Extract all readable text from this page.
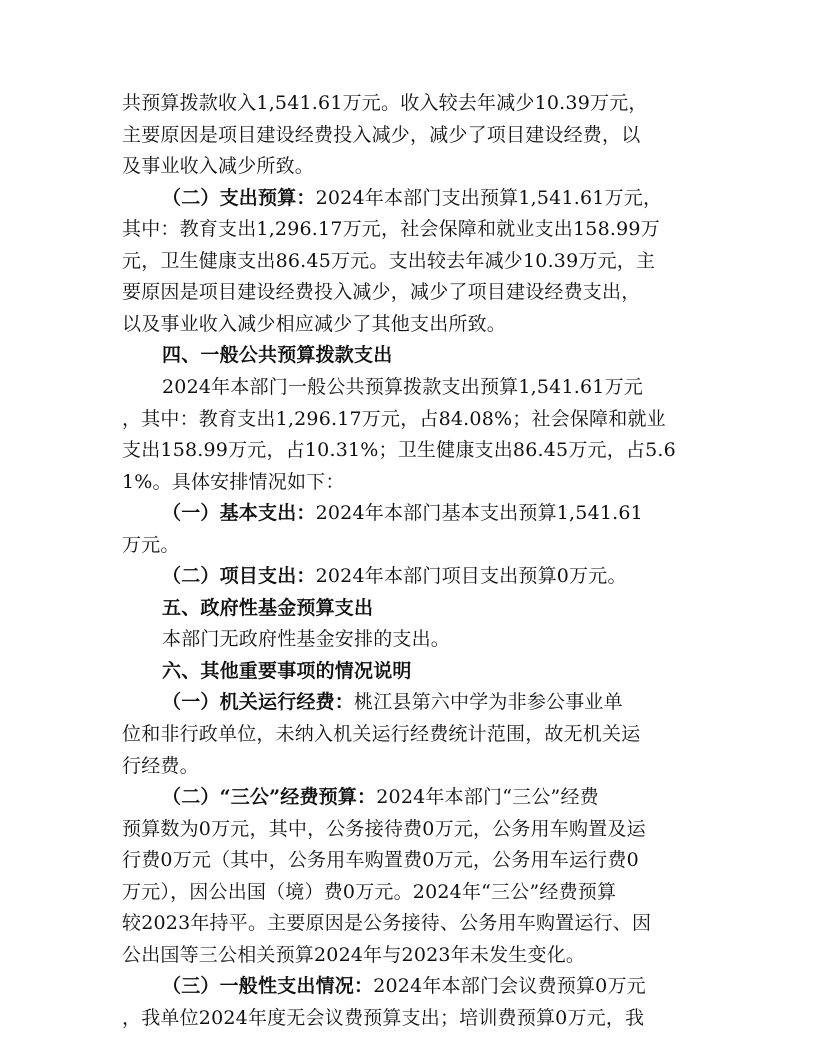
共预算拨款收入1,541.61万元。收入较去年减少10.39万元，
主要原因是项目建设经费投入减少，减少了项目建设经费，以
及事业收入减少所致。
（二）支出预算：2024年本部门支出预算1,541.61万元，
其中：教育支出1,296.17万元，社会保障和就业支出158.99万
元，卫生健康支出86.45万元。支出较去年减少10.39万元，主
要原因是项目建设经费投入减少，减少了项目建设经费支出，
以及事业收入减少相应减少了其他支出所致。
四、一般公共预算拨款支出
2024年本部门一般公共预算拨款支出预算1,541.61万元
，其中：教育支出1,296.17万元，占84.08%；社会保障和就业
支出158.99万元，占10.31%；卫生健康支出86.45万元，占5.6
1%。具体安排情况如下：
（一）基本支出：2024年本部门基本支出预算1,541.61
万元。
（二）项目支出：2024年本部门项目支出预算0万元。
五、政府性基金预算支出
本部门无政府性基金安排的支出。
六、其他重要事项的情况说明
（一）机关运行经费：桃江县第六中学为非参公事业单
位和非行政单位，未纳入机关运行经费统计范围，故无机关运
行经费。
（二）“三公”经费预算：2024年本部门“三公”经费
预算数为0万元，其中，公务接待费0万元，公务用车购置及运
行费0万元（其中，公务用车购置费0万元，公务用车运行费0
万元），因公出国（境）费0万元。2024年“三公”经费预算
较2023年持平。主要原因是公务接待、公务用车购置运行、因
公出国等三公相关预算2024年与2023年未发生变化。
（三）一般性支出情况：2024年本部门会议费预算0万元
，我单位2024年度无会议费预算支出；培训费预算0万元，我
